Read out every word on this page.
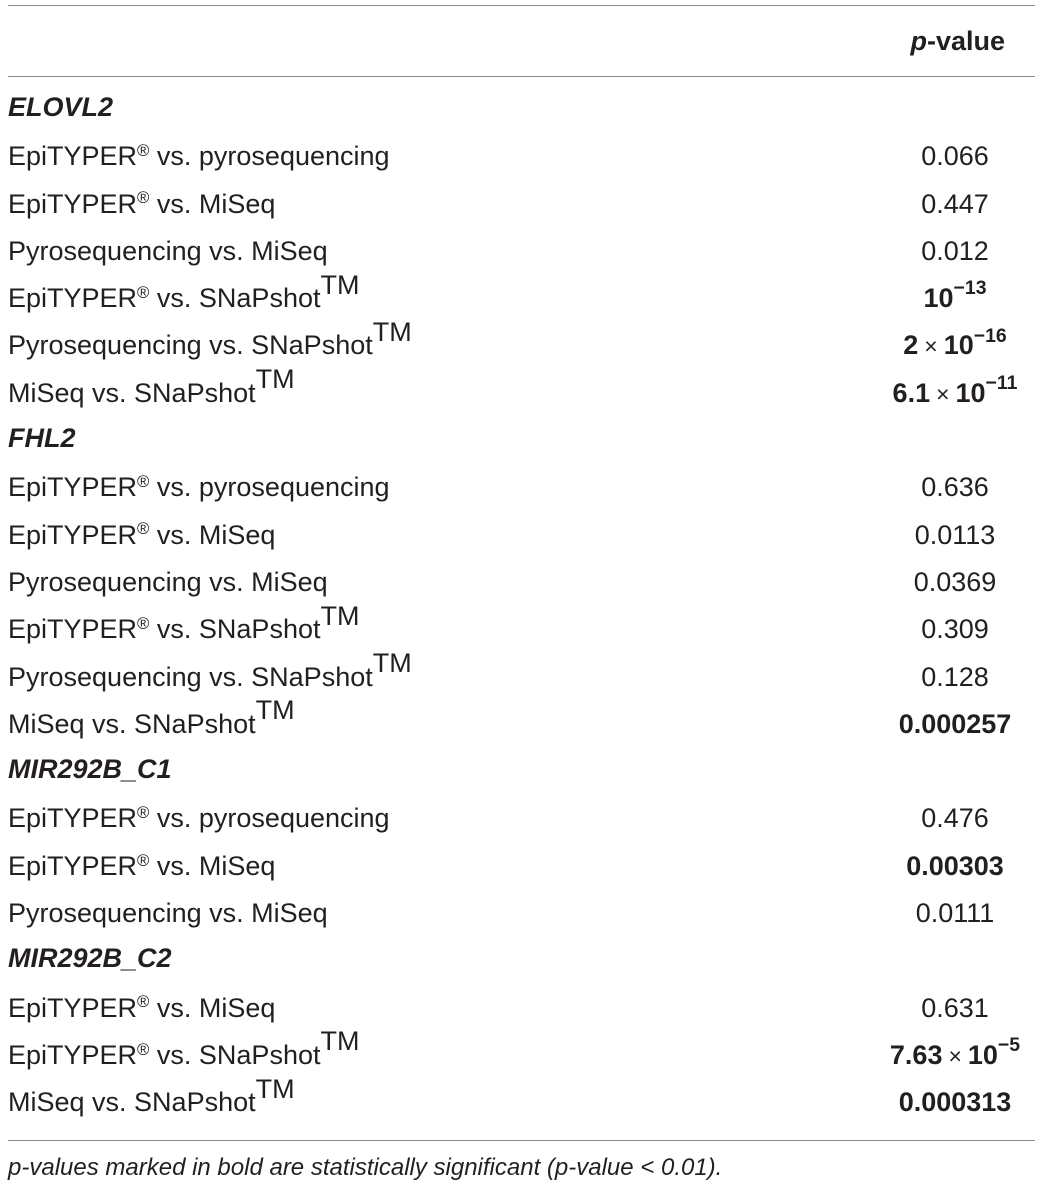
p-value
ELOVL2
EpiTYPER® vs. pyrosequencing	0.066
EpiTYPER® vs. MiSeq	0.447
Pyrosequencing vs. MiSeq	0.012
EpiTYPER® vs. SNaPshotTM	$10^{-13}$
Pyrosequencing vs. SNaPshotTM	$2 \times 10^{-16}$
MiSeq vs. SNaPshotTM	$6.1 \times 10^{-11}$
FHL2
EpiTYPER® vs. pyrosequencing	0.636
EpiTYPER® vs. MiSeq	0.0113
Pyrosequencing vs. MiSeq	0.0369
EpiTYPER® vs. SNaPshotTM	0.309
Pyrosequencing vs. SNaPshotTM	0.128
MiSeq vs. SNaPshotTM	0.000257
MIR292B_C1
EpiTYPER® vs. pyrosequencing	0.476
EpiTYPER® vs. MiSeq	0.00303
Pyrosequencing vs. MiSeq	0.0111
MIR292B_C2
EpiTYPER® vs. MiSeq	0.631
EpiTYPER® vs. SNaPshotTM	$7.63 \times 10^{-5}$
MiSeq vs. SNaPshotTM	0.000313
p-values marked in bold are statistically significant (p-value < 0.01).
